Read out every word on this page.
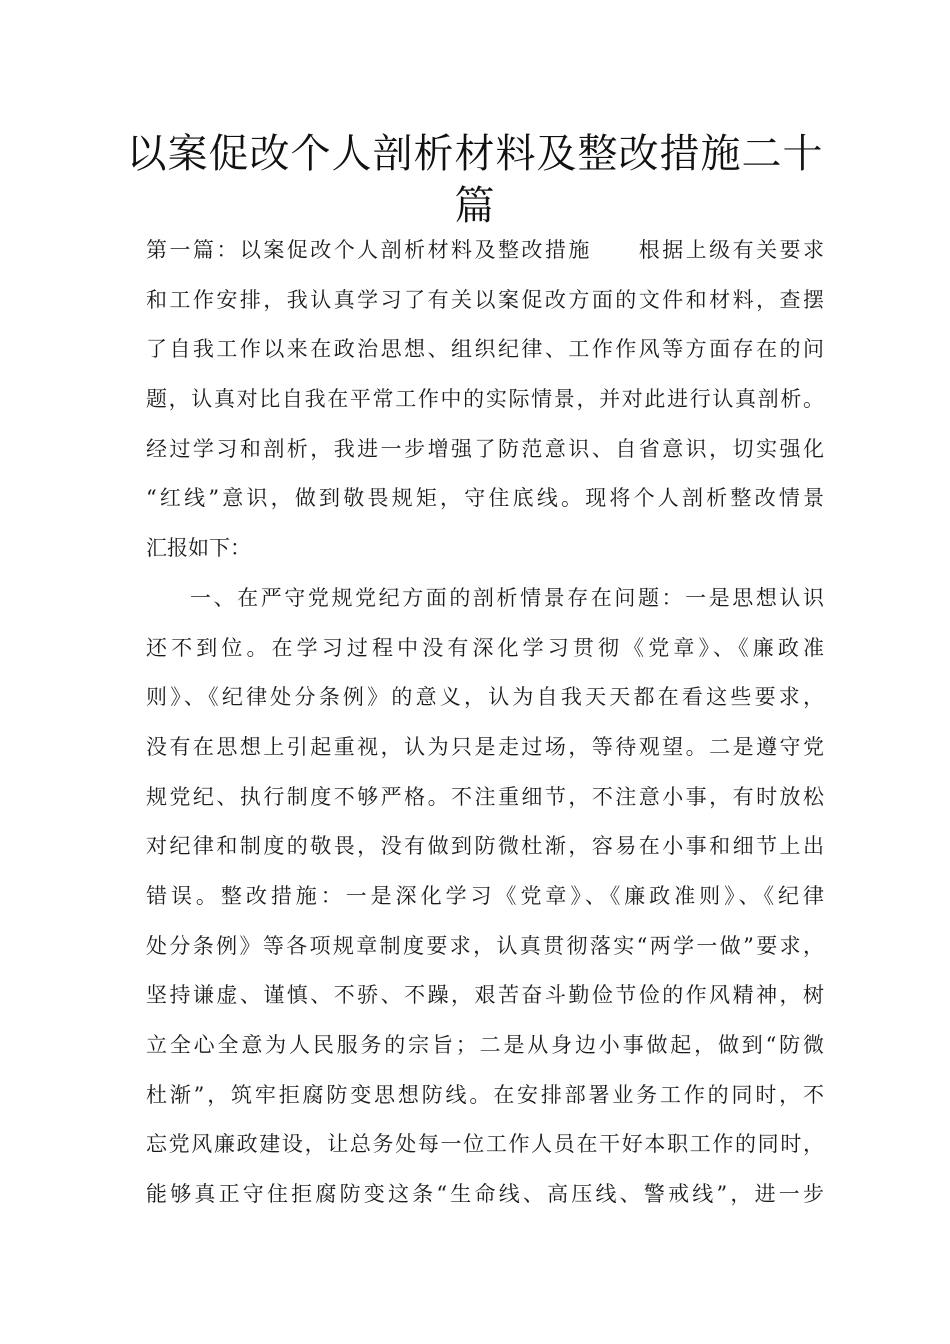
以案促改个人剖析材料及整改措施二十
篇
第一篇：以案促改个人剖析材料及整改措施　　根据上级有关要求
和工作安排，我认真学习了有关以案促改方面的文件和材料，查摆
了自我工作以来在政治思想、组织纪律、工作作风等方面存在的问
题，认真对比自我在平常工作中的实际情景，并对此进行认真剖析。
经过学习和剖析，我进一步增强了防范意识、自省意识，切实强化
“红线”意识，做到敬畏规矩，守住底线。现将个人剖析整改情景
汇报如下：
一、在严守党规党纪方面的剖析情景存在问题：一是思想认识
还不到位。在学习过程中没有深化学习贯彻《党章》、《廉政准
则》、《纪律处分条例》的意义，认为自我天天都在看这些要求，
没有在思想上引起重视，认为只是走过场，等待观望。二是遵守党
规党纪、执行制度不够严格。不注重细节，不注意小事，有时放松
对纪律和制度的敬畏，没有做到防微杜渐，容易在小事和细节上出
错误。整改措施：一是深化学习《党章》、《廉政准则》、《纪律
处分条例》等各项规章制度要求，认真贯彻落实“两学一做”要求，
坚持谦虚、谨慎、不骄、不躁，艰苦奋斗勤俭节俭的作风精神，树
立全心全意为人民服务的宗旨；二是从身边小事做起，做到“防微
杜渐”，筑牢拒腐防变思想防线。在安排部署业务工作的同时，不
忘党风廉政建设，让总务处每一位工作人员在干好本职工作的同时，
能够真正守住拒腐防变这条“生命线、高压线、警戒线”，进一步
